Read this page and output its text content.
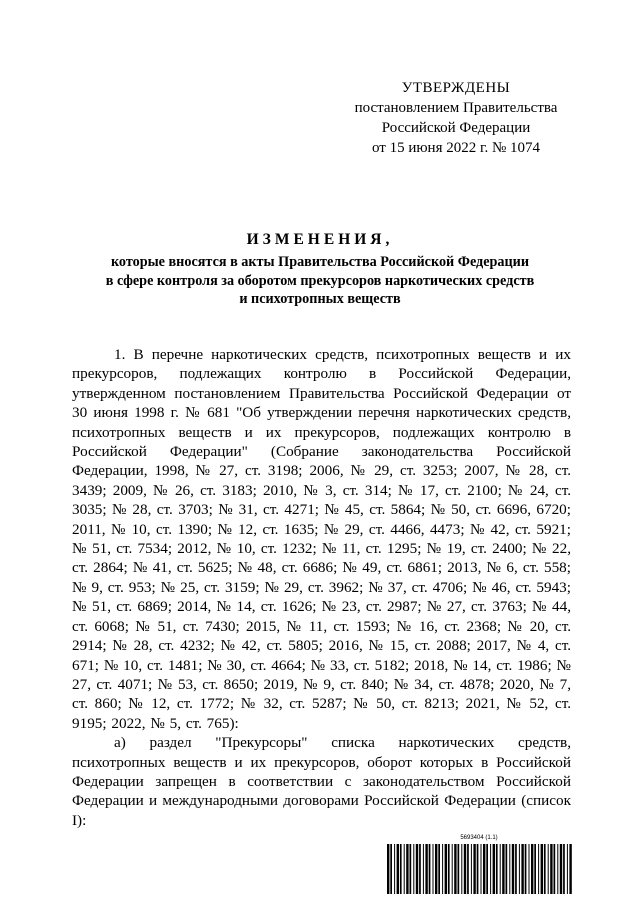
УТВЕРЖДЕНЫ
постановлением Правительства
Российской Федерации
от 15 июня 2022 г. № 1074
ИЗМЕНЕНИЯ,
которые вносятся в акты Правительства Российской Федерации
в сфере контроля за оборотом прекурсоров наркотических средств
и психотропных веществ

1. В перечне наркотических средств, психотропных веществ и их прекурсоров, подлежащих контролю в Российской Федерации, утвержденном постановлением Правительства Российской Федерации от 30 июня 1998 г. № 681 "Об утверждении перечня наркотических средств, психотропных веществ и их прекурсоров, подлежащих контролю в Российской Федерации" (Собрание законодательства Российской Федерации, 1998, № 27, ст. 3198; 2006, № 29, ст. 3253; 2007, № 28, ст. 3439; 2009, № 26, ст. 3183; 2010, № 3, ст. 314; № 17, ст. 2100; № 24, ст. 3035; № 28, ст. 3703; № 31, ст. 4271; № 45, ст. 5864; № 50, ст. 6696, 6720; 2011, № 10, ст. 1390; № 12, ст. 1635; № 29, ст. 4466, 4473; № 42, ст. 5921; № 51, ст. 7534; 2012, № 10, ст. 1232; № 11, ст. 1295; № 19, ст. 2400; № 22, ст. 2864; № 41, ст. 5625; № 48, ст. 6686; № 49, ст. 6861; 2013, № 6, ст. 558; № 9, ст. 953; № 25, ст. 3159; № 29, ст. 3962; № 37, ст. 4706; № 46, ст. 5943; № 51, ст. 6869; 2014, № 14, ст. 1626; № 23, ст. 2987; № 27, ст. 3763; № 44, ст. 6068; № 51, ст. 7430; 2015, № 11, ст. 1593; № 16, ст. 2368; № 20, ст. 2914; № 28, ст. 4232; № 42, ст. 5805; 2016, № 15, ст. 2088; 2017, № 4, ст. 671; № 10, ст. 1481; № 30, ст. 4664; № 33, ст. 5182; 2018, № 14, ст. 1986; № 27, ст. 4071; № 53, ст. 8650; 2019, № 9, ст. 840; № 34, ст. 4878; 2020, № 7, ст. 860; № 12, ст. 1772; № 32, ст. 5287; № 50, ст. 8213; 2021, № 52, ст. 9195; 2022, № 5, ст. 765):

а) раздел "Прекурсоры" списка наркотических средств, психотропных веществ и их прекурсоров, оборот которых в Российской Федерации запрещен в соответствии с законодательством Российской Федерации и международными договорами Российской Федерации (список I):

5693404 (1.1)
